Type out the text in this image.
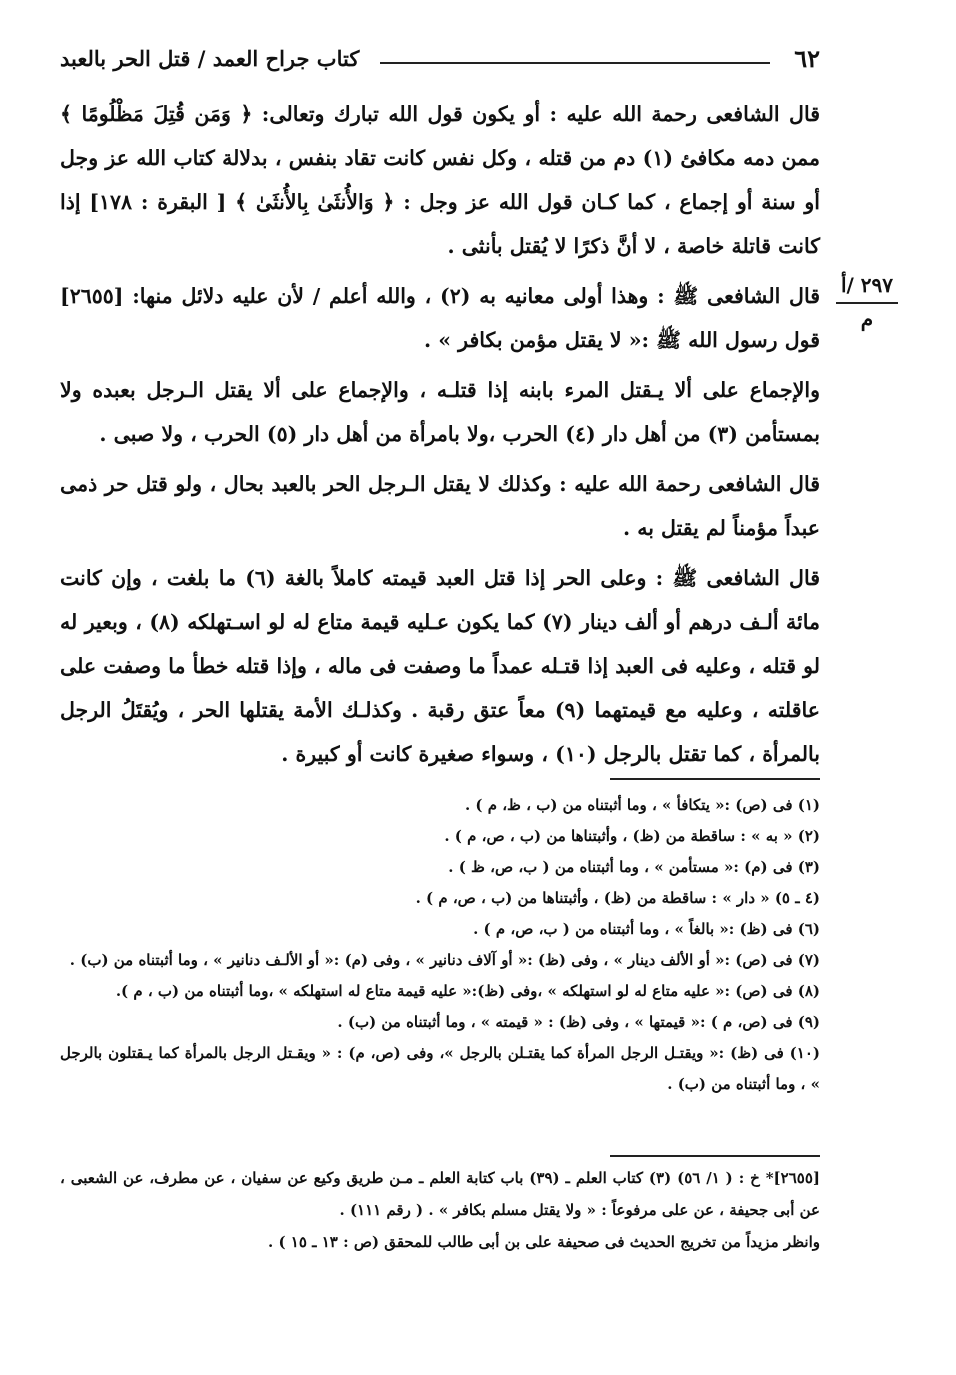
٦٢
كتاب جراح العمد / قتل الحر بالعبد
٢٩٧ /أ
م

قال الشافعى رحمة الله عليه : أو يكون قول الله تبارك وتعالى: ﴿ وَمَن قُتِلَ مَظْلُومًا ﴾ ممن دمه مكافئ (١) دم من قتله ، وكل نفس كانت تقاد بنفس ، بدلالة كتاب الله عز وجل أو سنة أو إجماع ، كما كـان قول الله عز وجل : ﴿ وَالأُنثَىٰ بِالأُنثَىٰ ﴾ [ البقرة : ١٧٨] إذا كانت قاتلة خاصة ، لا أنَّ ذكرًا لا يُقتل بأنثى .

قال الشافعى ﷺ : وهذا أولى معانيه به (٢) ، والله أعلم / لأن عليه دلائل منها: [٢٦٥٥] قول رسول الله ﷺ :« لا يقتل مؤمن بكافر » .

والإجماع على ألا يـقتل المرء بابنه إذا قتلـه ، والإجماع على ألا يقتل الـرجل بعبده ولا بمستأمن (٣) من أهل دار (٤) الحرب ،ولا بامرأة من أهل دار (٥) الحرب ، ولا صبى .

قال الشافعى رحمة الله عليه : وكذلك لا يقتل الـرجل الحر بالعبد بحال ، ولو قتل حر ذمى عبداً مؤمناً لم يقتل به .

قال الشافعى ﷺ : وعلى الحر إذا قتل العبد قيمته كاملاً بالغة (٦) ما بلغت ، وإن كانت مائة ألـف درهم أو ألف دينار (٧) كما يكون عـليه قيمة متاع له لو اسـتهلكه (٨) ، وبعير له لو قتله ، وعليه فى العبد إذا قتـله عمداً ما وصفت فى ماله ، وإذا قتله خطأ ما وصفت على عاقلته ، وعليه مع قيمتهما (٩) معاً عتق رقبة . وكذلـك الأمة يقتلها الحر ، ويُقتَلُ الرجل بالمرأة ، كما تقتل بالرجل (١٠) ، وسواء صغيرة كانت أو كبيرة .

(١) فى (ص) :« يتكافأ » ، وما أثبتناه من (ب ، ظ، م ) .

(٢) « به » : ساقطة من (ظ) ، وأثبتناها من (ب ، ص، م ) .

(٣) فى (م) :« مستأمن » ، وما أثبتناه من ( ب، ص، ظ ) .

(٤ ـ ٥) « دار » : ساقطة من (ظ) ، وأثبتناها من (ب ، ص، م ) .

(٦) فى (ظ) :« بالغاً » ، وما أثبتناه من ( ب، ص، م ) .

(٧) فى (ص) :« أو الألف دينار » ، وفى (ظ) :« أو آلاف دنانير » ، وفى (م) :« أو الألـف دنانير » ، وما أثبتناه من (ب) .

(٨) فى (ص) :« عليه متاع له لو استهلكه » ،وفى (ظ):« عليه قيمة متاع له استهلكه » ،وما أثبتناه من (ب ، م ).

(٩) فى (ص، م ) :« قيمتها » ، وفى (ظ) : « قيمته » ، وما أثبتناه من (ب) .

(١٠) فى (ظ) :« ويقتـل الرجل المرأة كما يقتـلن بالرجل »، وفى (ص، م) : « ويقـتل الرجل بالمرأة كما يـقتلون بالرجل » ، وما أثبتناه من (ب) .

[٢٦٥٥]* خ : ( ١/ ٥٦) (٣) كتاب العلم ـ (٣٩) باب كتابة العلم ـ مـن طريق وكيع عن سفيان ، عن مطرف، عن الشعبى ، عن أبى جحيفة ، عن على مرفوعاً : « ولا يقتل مسلم بكافر » . ( رقم ١١١) .

وانظر مزيداً من تخريج الحديث فى صحيفة على بن أبى طالب للمحقق (ص : ١٣ ـ ١٥ ) .
